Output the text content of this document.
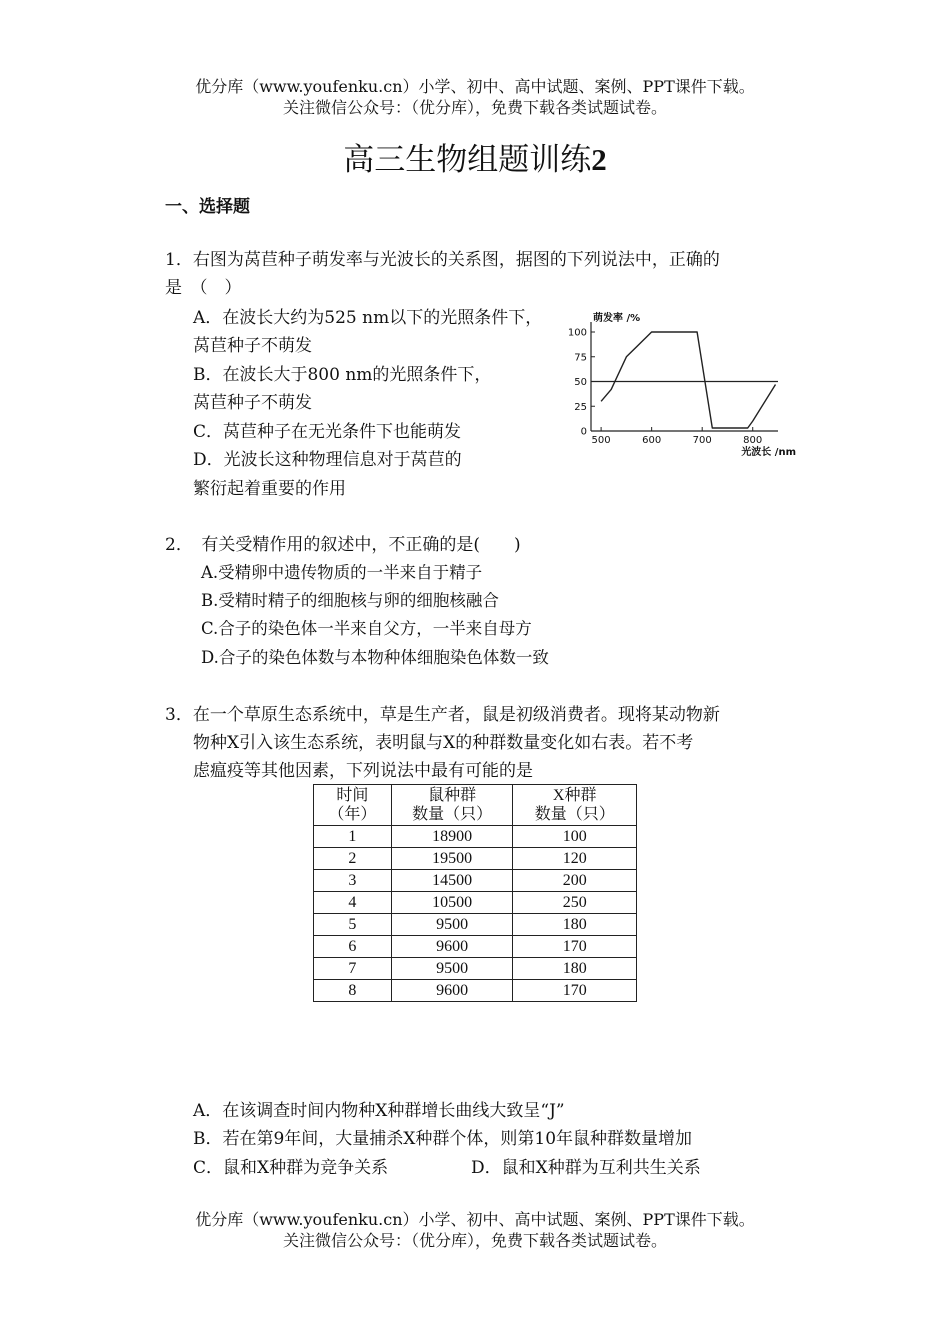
优分库（www.youfenku.cn）小学、初中、高中试题、案例、PPT课件下载。
关注微信公众号：（优分库），免费下载各类试题试卷。
高三生物组题训练2
一、选择题
1．右图为莴苣种子萌发率与光波长的关系图，据图的下列说法中，正确的
是　（　）
A．在波长大约为525 nm以下的光照条件下，
莴苣种子不萌发
B．在波长大于800 nm的光照条件下，
莴苣种子不萌发
C．莴苣种子在无光条件下也能萌发
D．光波长这种物理信息对于莴苣的
繁衍起着重要的作用
0
25
50
75
100
500	600	700	800
萌发率 /%
光波长 /nm
2．　有关受精作用的叙述中，不正确的是(　　)
A.受精卵中遗传物质的一半来自于精子
B.受精时精子的细胞核与卵的细胞核融合
C.合子的染色体一半来自父方，一半来自母方
D.合子的染色体数与本物种体细胞染色体数一致
3．在一个草原生态系统中，草是生产者，鼠是初级消费者。现将某动物新
物种X引入该生态系统，表明鼠与X的种群数量变化如右表。若不考
虑瘟疫等其他因素，下列说法中最有可能的是
时间
（年）	鼠种群
数量（只）	X种群
数量（只）
1	18900	100
2	19500	120
3	14500	200
4	10500	250
5	9500	180
6	9600	170
7	9500	180
8	9600	170
A．在该调查时间内物种X种群增长曲线大致呈“J”
B．若在第9年间，大量捕杀X种群个体，则第10年鼠种群数量增加
C．鼠和X种群为竞争关系	D．鼠和X种群为互利共生关系
优分库（www.youfenku.cn）小学、初中、高中试题、案例、PPT课件下载。
关注微信公众号：（优分库），免费下载各类试题试卷。
